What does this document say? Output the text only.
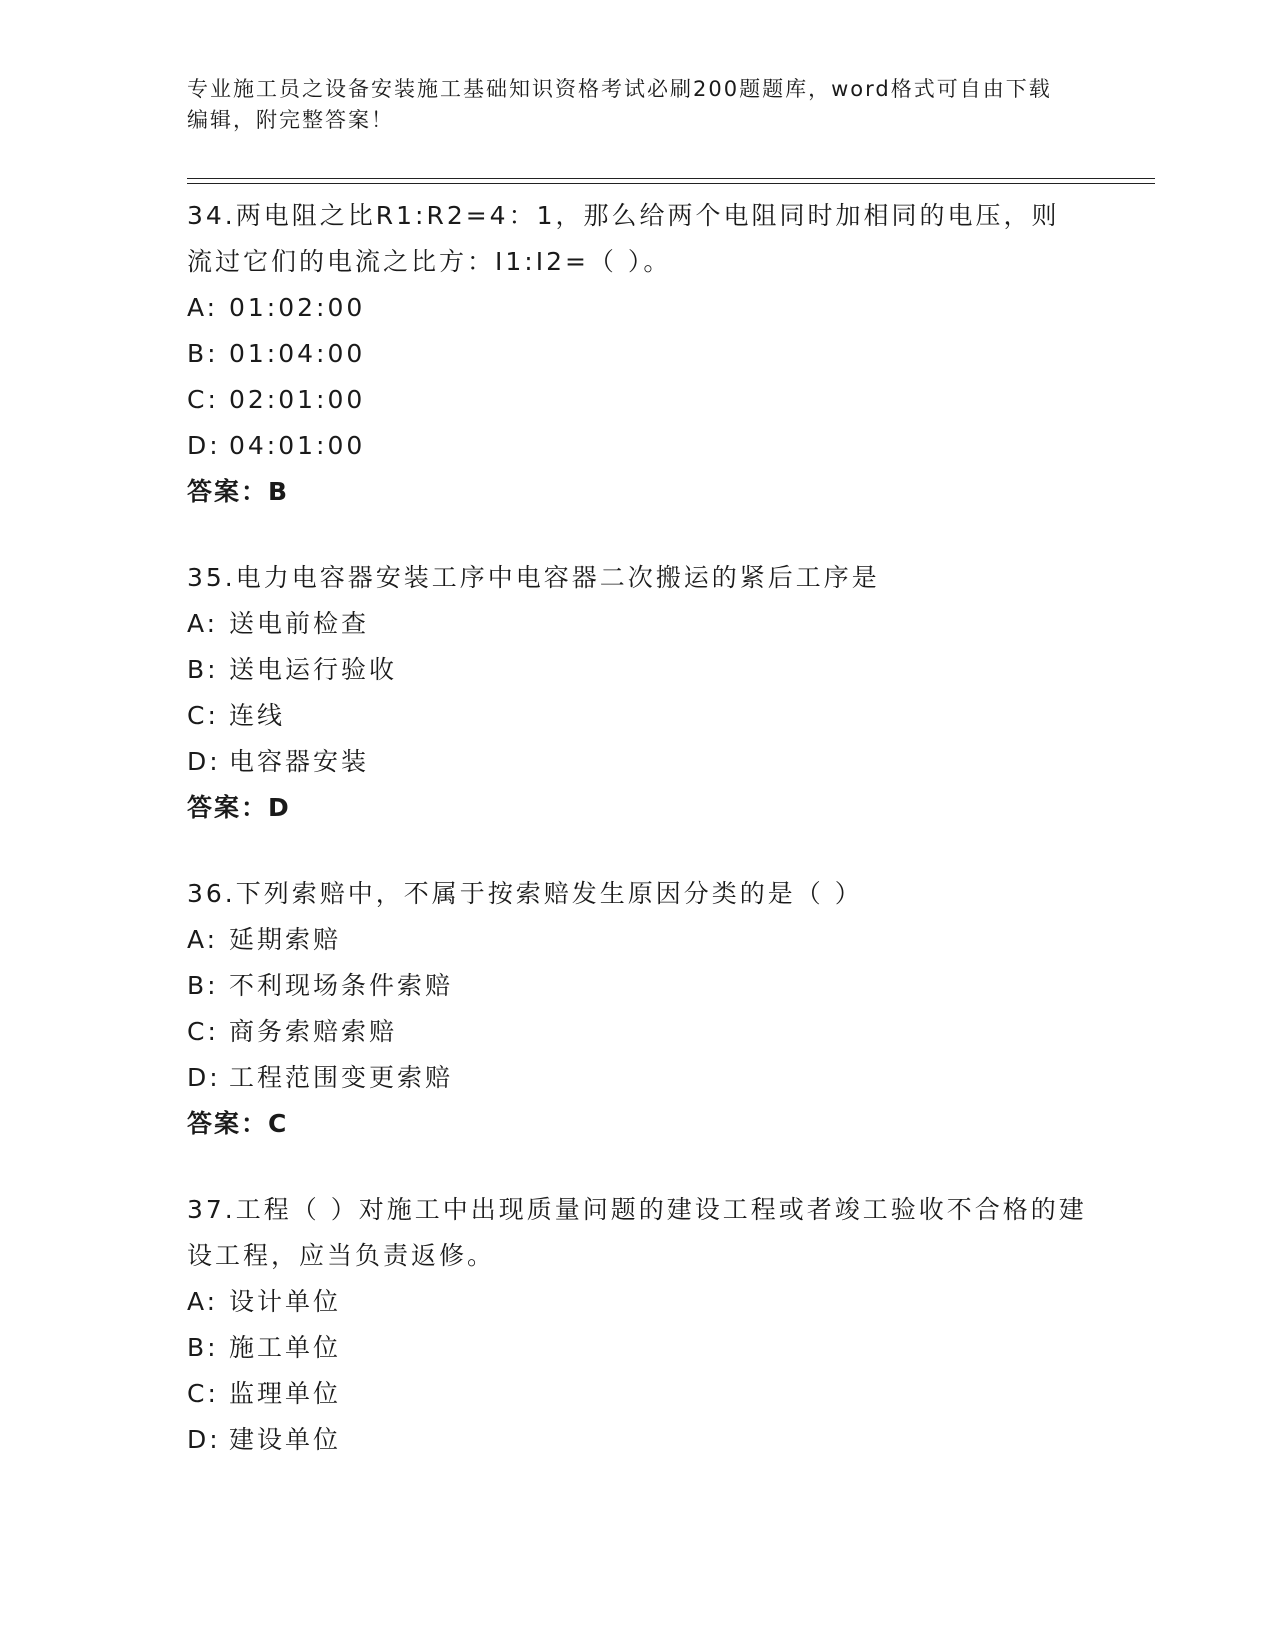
专业施工员之设备安装施工基础知识资格考试必刷200题题库，word格式可自由下载编辑，附完整答案！

34.两电阻之比R1:R2=4：1，那么给两个电阻同时加相同的电压，则流过它们的电流之比方：I1:I2=（ ）。

A: 01:02:00

B: 01:04:00

C: 02:01:00

D: 04:01:00

答案：B

35.电力电容器安装工序中电容器二次搬运的紧后工序是

A: 送电前检查

B: 送电运行验收

C: 连线

D: 电容器安装

答案：D

36.下列索赔中，不属于按索赔发生原因分类的是（ ）

A: 延期索赔

B: 不利现场条件索赔

C: 商务索赔索赔

D: 工程范围变更索赔

答案：C

37.工程（ ）对施工中出现质量问题的建设工程或者竣工验收不合格的建设工程，应当负责返修。

A: 设计单位

B: 施工单位

C: 监理单位

D: 建设单位
